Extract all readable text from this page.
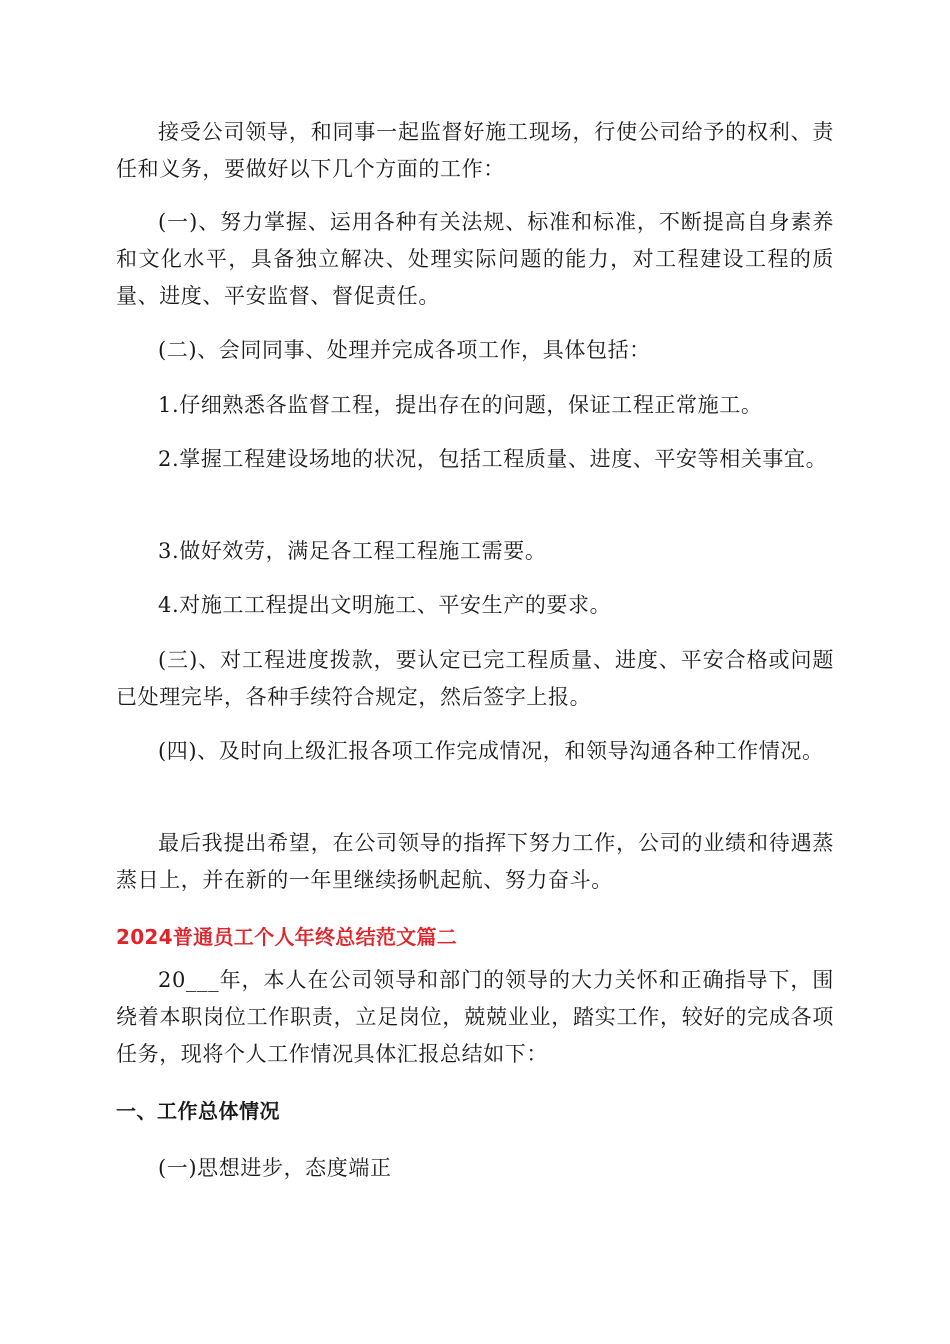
接受公司领导，和同事一起监督好施工现场，行使公司给予的权利、责任和义务，要做好以下几个方面的工作：

(一)、努力掌握、运用各种有关法规、标准和标准，不断提高自身素养和文化水平，具备独立解决、处理实际问题的能力，对工程建设工程的质量、进度、平安监督、督促责任。

(二)、会同同事、处理并完成各项工作，具体包括：

1.仔细熟悉各监督工程，提出存在的问题，保证工程正常施工。

2.掌握工程建设场地的状况，包括工程质量、进度、平安等相关事宜。

3.做好效劳，满足各工程工程施工需要。

4.对施工工程提出文明施工、平安生产的要求。

(三)、对工程进度拨款，要认定已完工程质量、进度、平安合格或问题已处理完毕，各种手续符合规定，然后签字上报。

(四)、及时向上级汇报各项工作完成情况，和领导沟通各种工作情况。

最后我提出希望，在公司领导的指挥下努力工作，公司的业绩和待遇蒸蒸日上，并在新的一年里继续扬帆起航、努力奋斗。

2024普通员工个人年终总结范文篇二

20___年，本人在公司领导和部门的领导的大力关怀和正确指导下，围绕着本职岗位工作职责，立足岗位，兢兢业业，踏实工作，较好的完成各项任务，现将个人工作情况具体汇报总结如下：

一、工作总体情况

(一)思想进步，态度端正
